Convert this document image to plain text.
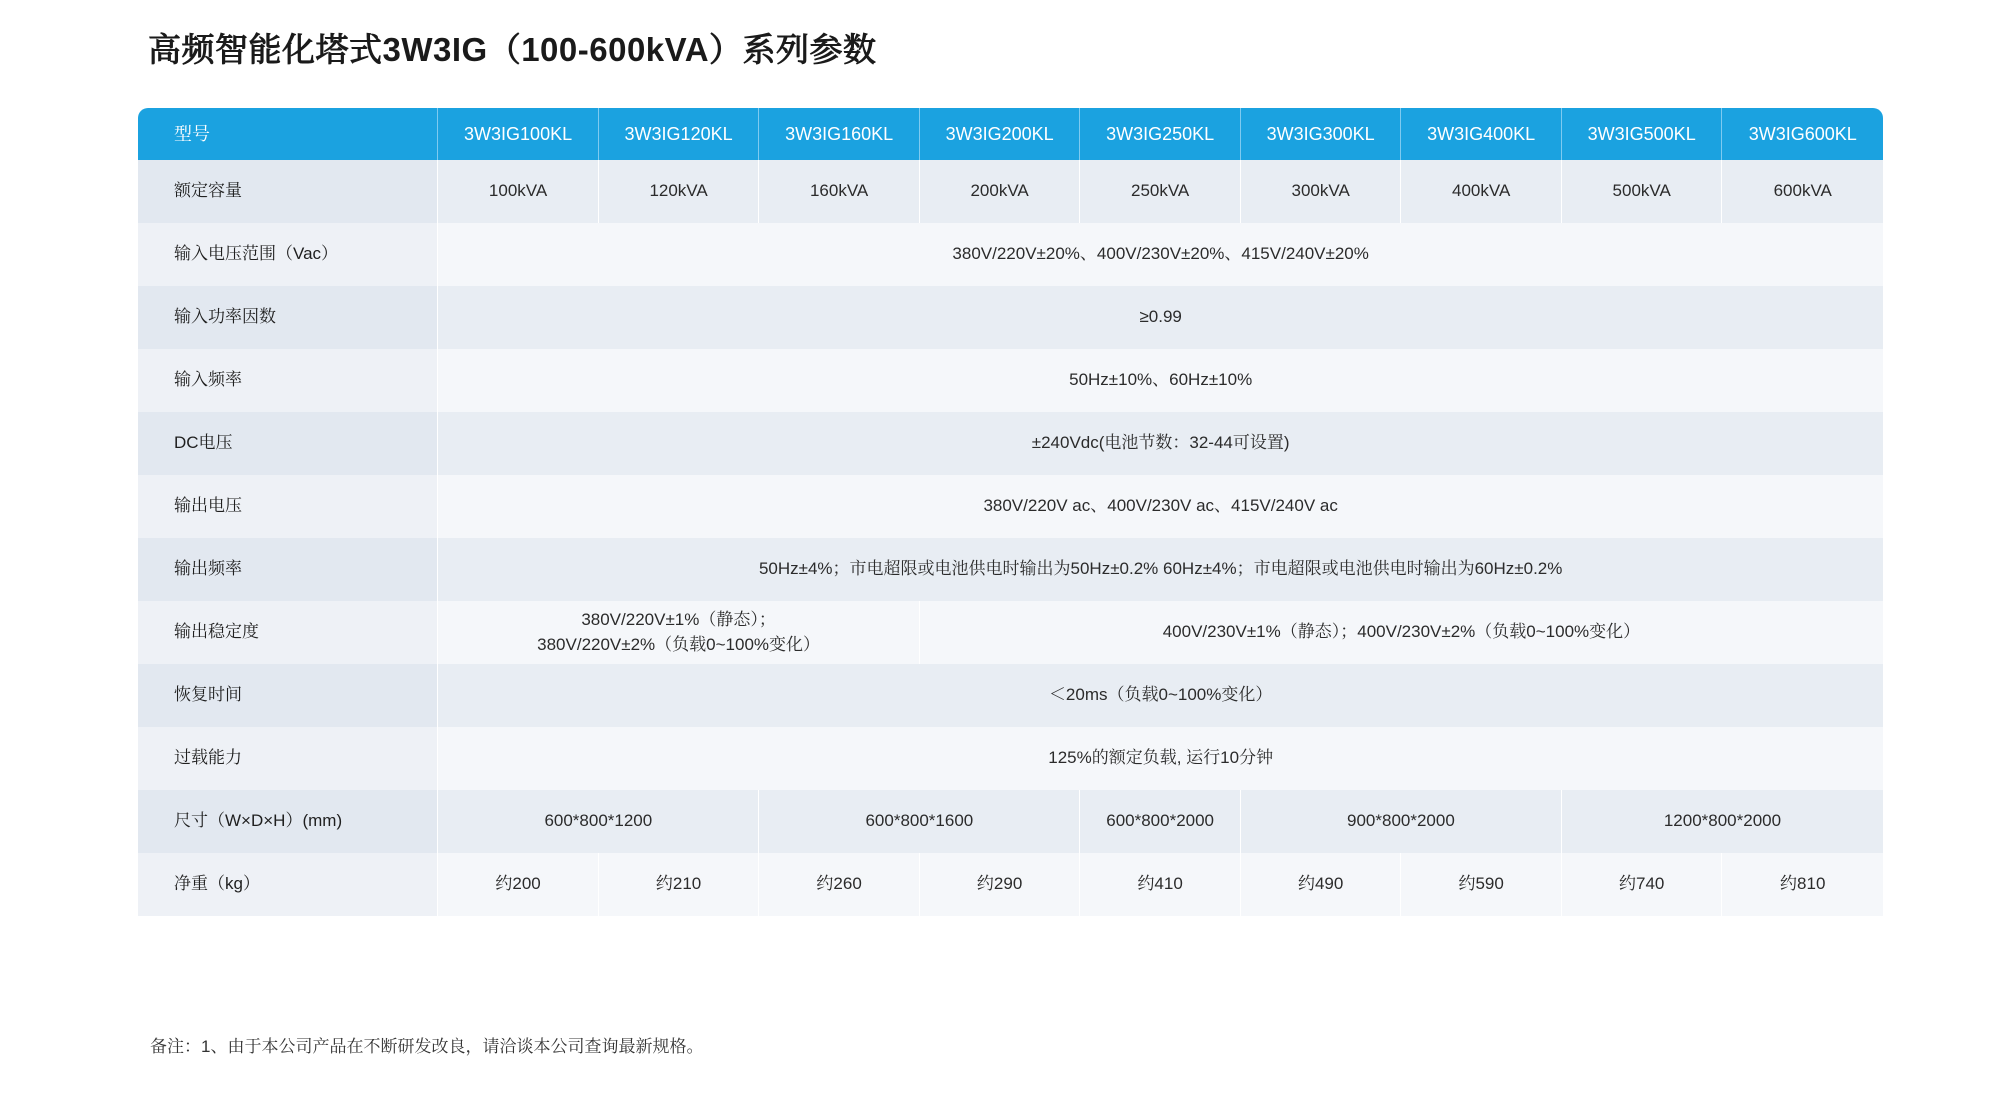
高频智能化塔式3W3IG（100-600kVA）系列参数
型号	3W3IG100KL	3W3IG120KL	3W3IG160KL	3W3IG200KL	3W3IG250KL	3W3IG300KL	3W3IG400KL	3W3IG500KL	3W3IG600KL
额定容量	100kVA	120kVA	160kVA	200kVA	250kVA	300kVA	400kVA	500kVA	600kVA
输入电压范围（Vac）	380V/220V±20%、400V/230V±20%、415V/240V±20%								
输入功率因数	≥0.99								
输入频率	50Hz±10%、60Hz±10%								
DC电压	±240Vdc(电池节数：32-44可设置)								
输出电压	380V/220V ac、400V/230V ac、415V/240V ac								
输出频率	50Hz±4%；市电超限或电池供电时输出为50Hz±0.2% 60Hz±4%；市电超限或电池供电时输出为60Hz±0.2%								
输出稳定度	380V/220V±1%（静态）；
380V/220V±2%（负载0~100%变化）			400V/230V±1%（静态）；400V/230V±2%（负载0~100%变化）					
恢复时间	＜20ms（负载0~100%变化）								
过载能力	125%的额定负载, 运行10分钟								
尺寸（W×D×H）(mm)	600*800*1200		600*800*1600		600*800*2000	900*800*2000		1200*800*2000	
净重（kg）	约200	约210	约260	约290	约410	约490	约590	约740	约810
备注：1、由于本公司产品在不断研发改良，请洽谈本公司查询最新规格。
